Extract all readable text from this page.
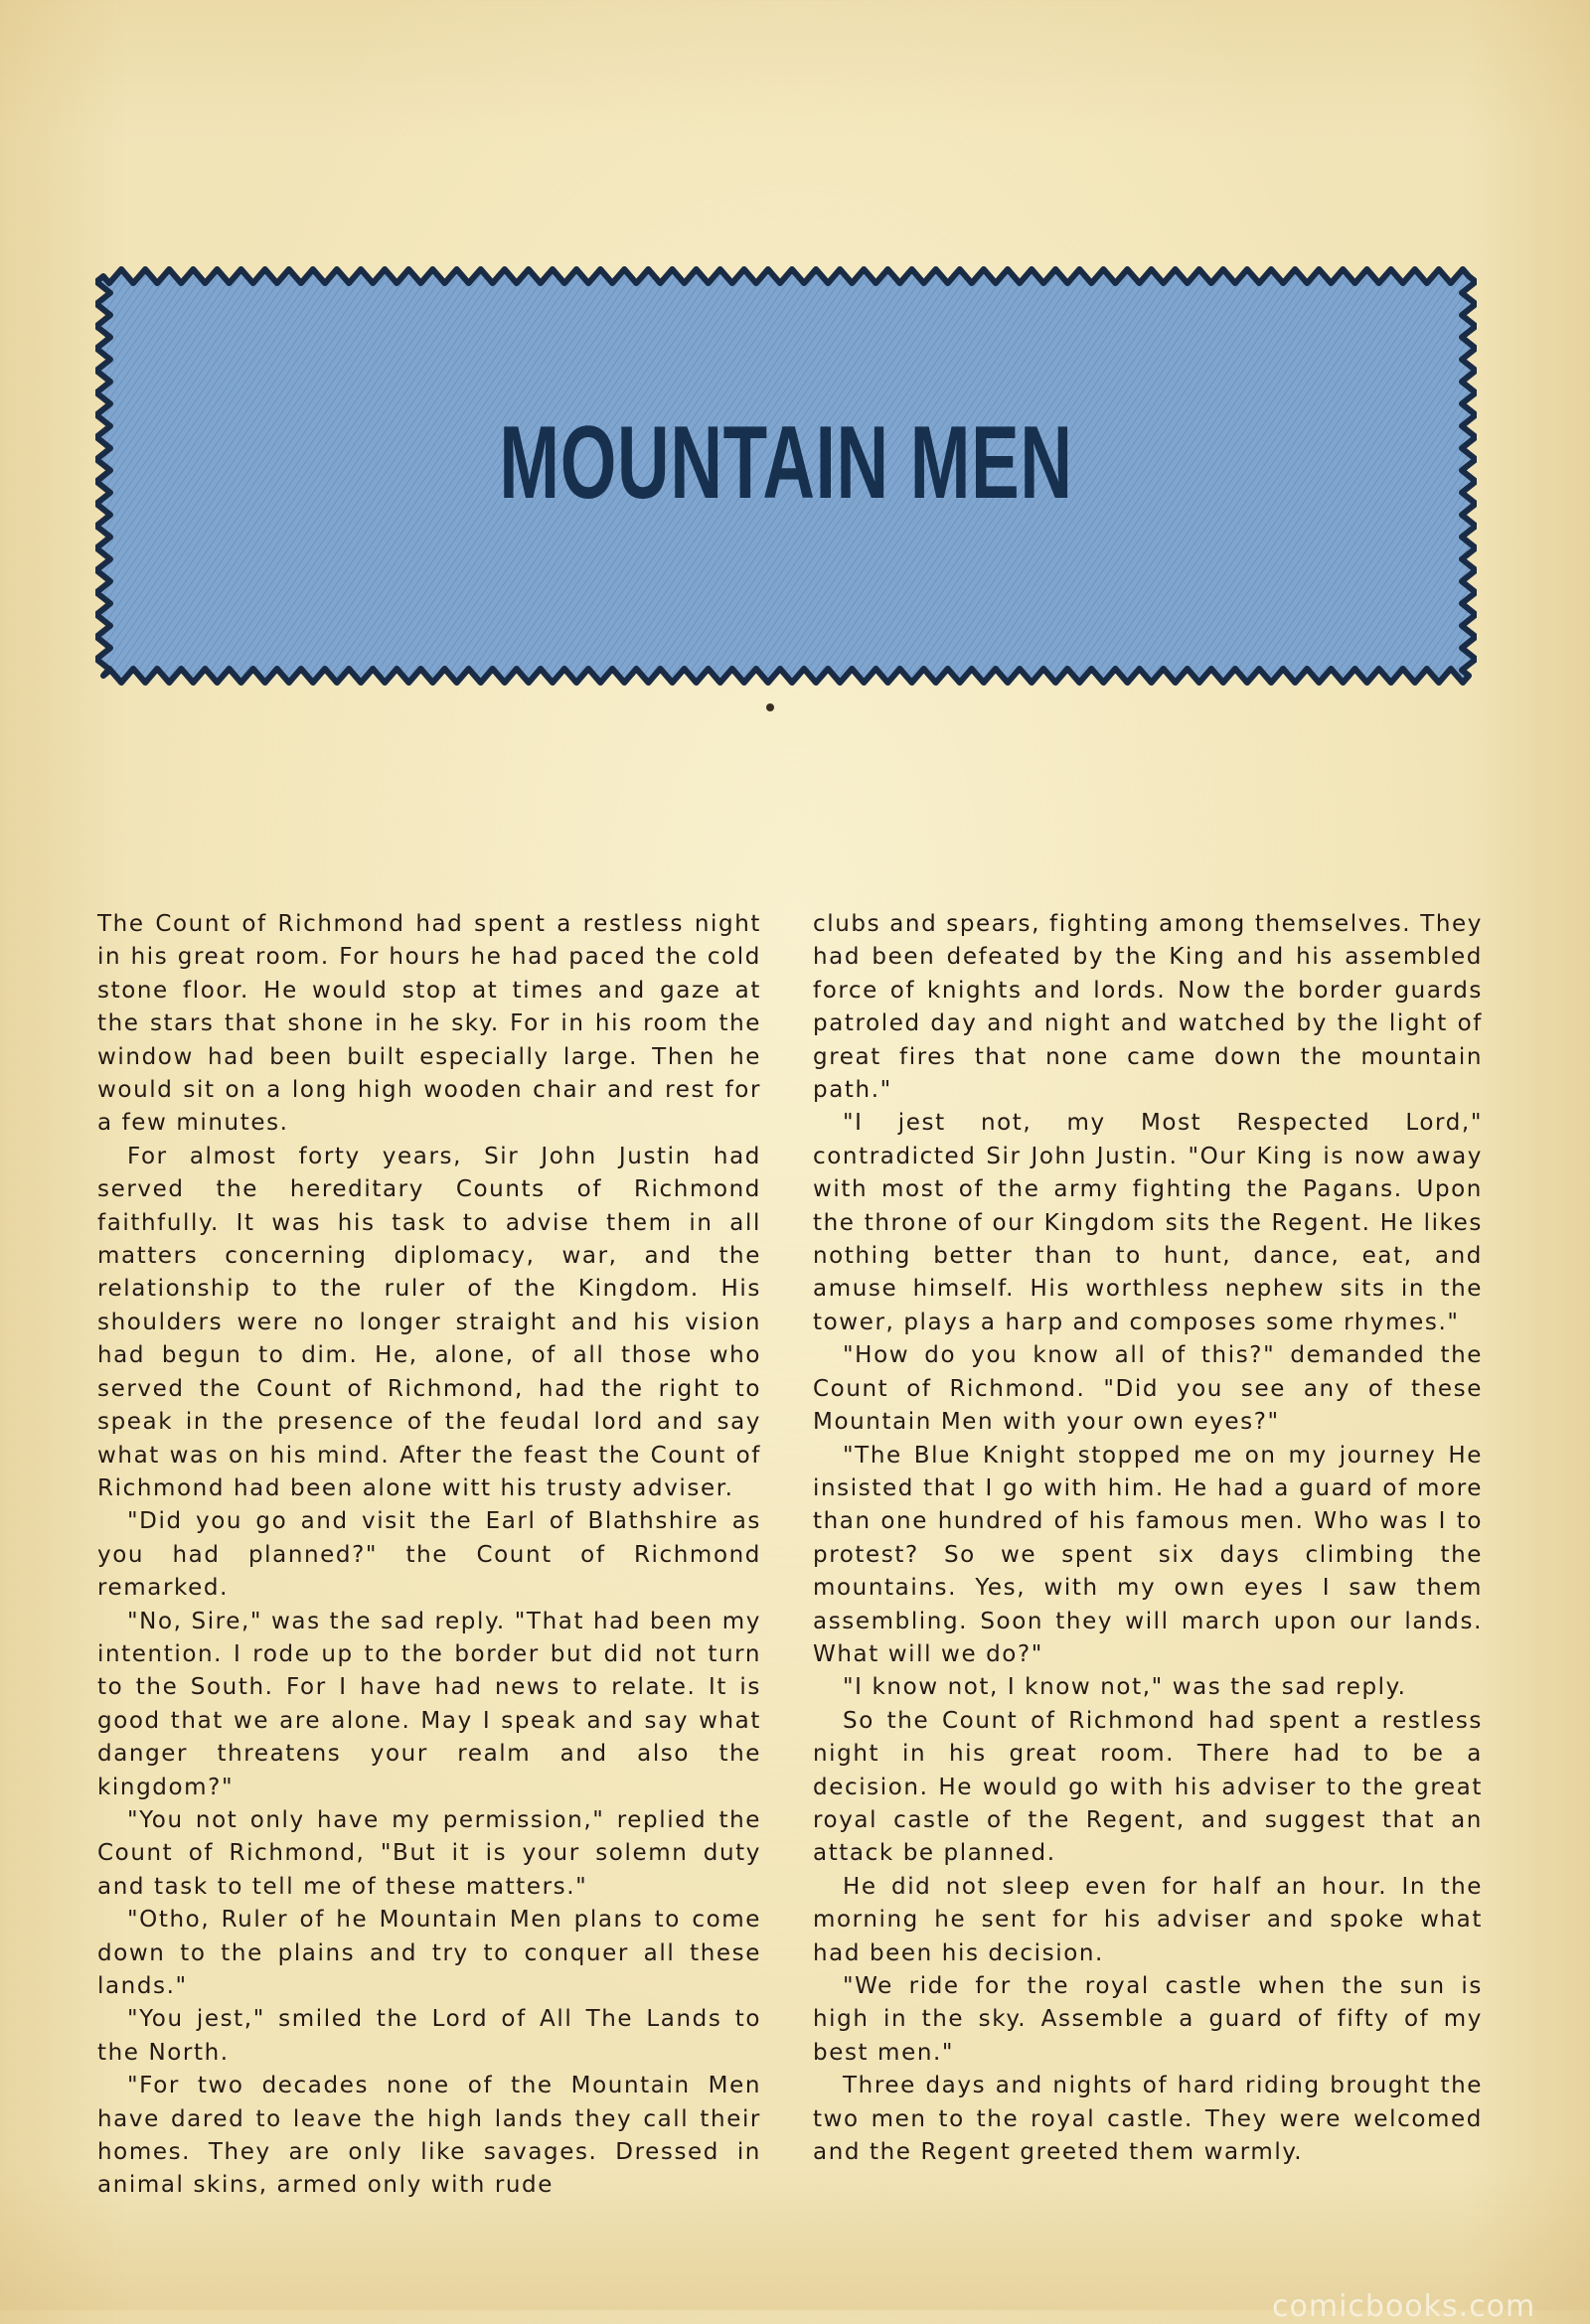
MOUNTAIN MEN

The Count of Richmond had spent a restless night in his great room. For hours he had paced the cold stone floor. He would stop at times and gaze at the stars that shone in he sky. For in his room the window had been built especially large. Then he would sit on a long high wooden chair and rest for a few minutes.

For almost forty years, Sir John Justin had served the hereditary Counts of Richmond faithfully. It was his task to advise them in all matters concerning diplomacy, war, and the relationship to the ruler of the Kingdom. His shoulders were no longer straight and his vision had begun to dim. He, alone, of all those who served the Count of Richmond, had the right to speak in the presence of the feudal lord and say what was on his mind. After the feast the Count of Richmond had been alone witt his trusty adviser.

"Did you go and visit the Earl of Blathshire as you had planned?" the Count of Richmond remarked.

"No, Sire," was the sad reply. "That had been my intention. I rode up to the border but did not turn to the South. For I have had news to relate. It is good that we are alone. May I speak and say what danger threatens your realm and also the kingdom?"

"You not only have my permission," replied the Count of Richmond, "But it is your solemn duty and task to tell me of these matters."

"Otho, Ruler of he Mountain Men plans to come down to the plains and try to conquer all these lands."

"You jest," smiled the Lord of All The Lands to the North.

"For two decades none of the Mountain Men have dared to leave the high lands they call their homes. They are only like savages. Dressed in animal skins, armed only with rude

clubs and spears, fighting among themselves. They had been defeated by the King and his assembled force of knights and lords. Now the border guards patroled day and night and watched by the light of great fires that none came down the mountain path."

"I jest not, my Most Respected Lord," contradicted Sir John Justin. "Our King is now away with most of the army fighting the Pagans. Upon the throne of our Kingdom sits the Regent. He likes nothing better than to hunt, dance, eat, and amuse himself. His worthless nephew sits in the tower, plays a harp and composes some rhymes."

"How do you know all of this?" demanded the Count of Richmond. "Did you see any of these Mountain Men with your own eyes?"

"The Blue Knight stopped me on my journey He insisted that I go with him. He had a guard of more than one hundred of his famous men. Who was I to protest? So we spent six days climbing the mountains. Yes, with my own eyes I saw them assembling. Soon they will march upon our lands. What will we do?"

"I know not, I know not," was the sad reply.

So the Count of Richmond had spent a restless night in his great room. There had to be a decision. He would go with his adviser to the great royal castle of the Regent, and suggest that an attack be planned.

He did not sleep even for half an hour. In the morning he sent for his adviser and spoke what had been his decision.

"We ride for the royal castle when the sun is high in the sky. Assemble a guard of fifty of my best men."

Three days and nights of hard riding brought the two men to the royal castle. They were welcomed and the Regent greeted them warmly.

comicbooks.com
